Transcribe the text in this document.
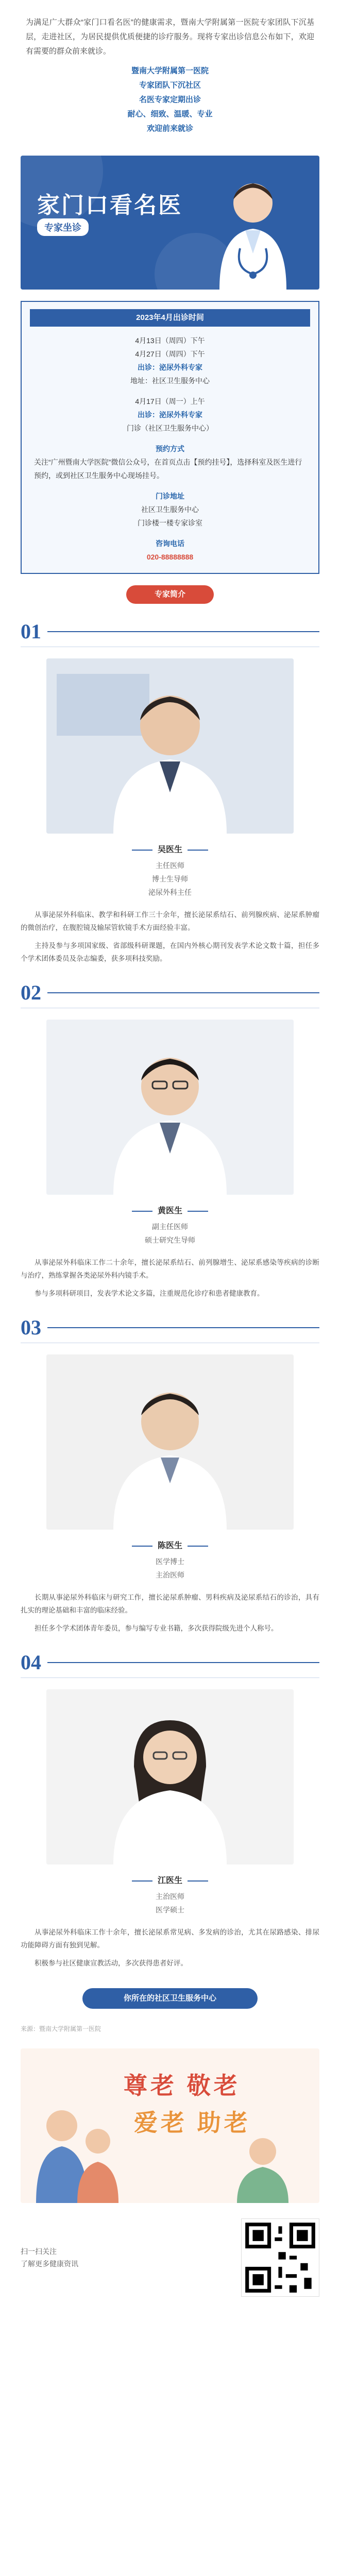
为满足广大群众“家门口看名医”的健康需求，暨南大学附属第一医院专家团队下沉基层，走进社区，为居民提供优质便捷的诊疗服务。现将专家出诊信息公布如下，欢迎有需要的群众前来就诊。

暨南大学附属第一医院
专家团队下沉社区
名医专家定期出诊
耐心、细致、温暖、专业
欢迎前来就诊

家门口看名医
专家坐诊
2023年4月出诊时间
4月13日（周四）下午
4月27日（周四）下午
出诊：泌尿外科专家
地址：社区卫生服务中心
4月17日（周一）上午
出诊：泌尿外科专家
门诊（社区卫生服务中心）
预约方式
关注“广州暨南大学医院”微信公众号，在首页点击【预约挂号】，选择科室及医生进行预约，或到社区卫生服务中心现场挂号。
门诊地址
社区卫生服务中心
门诊楼一楼专家诊室
咨询电话
020-88888888
专家简介
01
吴医生
主任医师
博士生导师
泌尿外科主任

从事泌尿外科临床、教学和科研工作三十余年，擅长泌尿系结石、前列腺疾病、泌尿系肿瘤的微创治疗，在腹腔镜及输尿管软镜手术方面经验丰富。

主持及参与多项国家级、省部级科研课题，在国内外核心期刊发表学术论文数十篇，担任多个学术团体委员及杂志编委，获多项科技奖励。

02
黄医生
副主任医师
硕士研究生导师

从事泌尿外科临床工作二十余年，擅长泌尿系结石、前列腺增生、泌尿系感染等疾病的诊断与治疗，熟练掌握各类泌尿外科内镜手术。

参与多项科研项目，发表学术论文多篇，注重规范化诊疗和患者健康教育。

03
陈医生
医学博士
主治医师

长期从事泌尿外科临床与研究工作，擅长泌尿系肿瘤、男科疾病及泌尿系结石的诊治，具有扎实的理论基础和丰富的临床经验。

担任多个学术团体青年委员，参与编写专业书籍，多次获得院级先进个人称号。

04
江医生
主治医师
医学硕士

从事泌尿外科临床工作十余年，擅长泌尿系常见病、多发病的诊治，尤其在尿路感染、排尿功能障碍方面有独到见解。

积极参与社区健康宣教活动，多次获得患者好评。

你所在的社区卫生服务中心
来源：暨南大学附属第一医院
尊老 敬老
爱老 助老
扫一扫关注
了解更多健康资讯
